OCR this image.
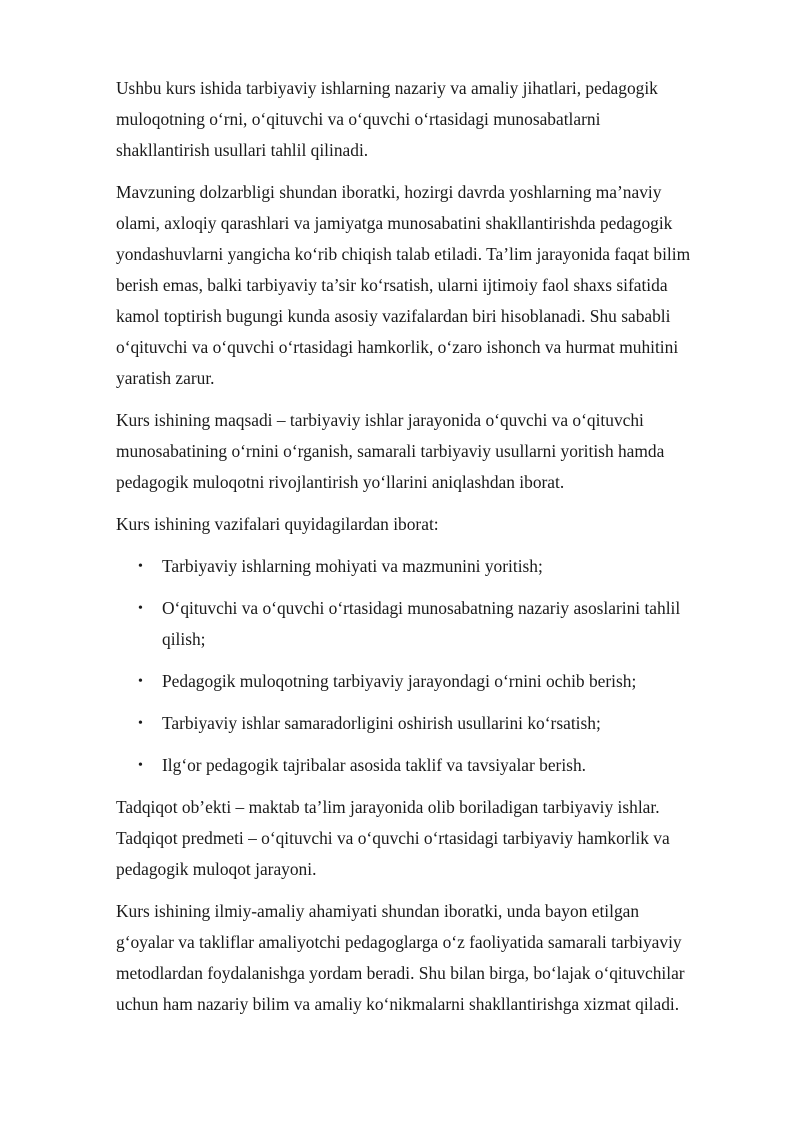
Ushbu kurs ishida tarbiyaviy ishlarning nazariy va amaliy jihatlari, pedagogik
muloqotning o‘rni, o‘qituvchi va o‘quvchi o‘rtasidagi munosabatlarni
shakllantirish usullari tahlil qilinadi.

Mavzuning dolzarbligi shundan iboratki, hozirgi davrda yoshlarning ma’naviy
olami, axloqiy qarashlari va jamiyatga munosabatini shakllantirishda pedagogik
yondashuvlarni yangicha ko‘rib chiqish talab etiladi. Ta’lim jarayonida faqat bilim
berish emas, balki tarbiyaviy ta’sir ko‘rsatish, ularni ijtimoiy faol shaxs sifatida
kamol toptirish bugungi kunda asosiy vazifalardan biri hisoblanadi. Shu sababli
o‘qituvchi va o‘quvchi o‘rtasidagi hamkorlik, o‘zaro ishonch va hurmat muhitini
yaratish zarur.

Kurs ishining maqsadi – tarbiyaviy ishlar jarayonida o‘quvchi va o‘qituvchi
munosabatining o‘rnini o‘rganish, samarali tarbiyaviy usullarni yoritish hamda
pedagogik muloqotni rivojlantirish yo‘llarini aniqlashdan iborat.

Kurs ishining vazifalari quyidagilardan iborat:

• Tarbiyaviy ishlarning mohiyati va mazmunini yoritish;
• O‘qituvchi va o‘quvchi o‘rtasidagi munosabatning nazariy asoslarini tahlil
qilish;
• Pedagogik muloqotning tarbiyaviy jarayondagi o‘rnini ochib berish;
• Tarbiyaviy ishlar samaradorligini oshirish usullarini ko‘rsatish;
• Ilg‘or pedagogik tajribalar asosida taklif va tavsiyalar berish.

Tadqiqot ob’ekti – maktab ta’lim jarayonida olib boriladigan tarbiyaviy ishlar.
Tadqiqot predmeti – o‘qituvchi va o‘quvchi o‘rtasidagi tarbiyaviy hamkorlik va
pedagogik muloqot jarayoni.

Kurs ishining ilmiy-amaliy ahamiyati shundan iboratki, unda bayon etilgan
g‘oyalar va takliflar amaliyotchi pedagoglarga o‘z faoliyatida samarali tarbiyaviy
metodlardan foydalanishga yordam beradi. Shu bilan birga, bo‘lajak o‘qituvchilar
uchun ham nazariy bilim va amaliy ko‘nikmalarni shakllantirishga xizmat qiladi.
